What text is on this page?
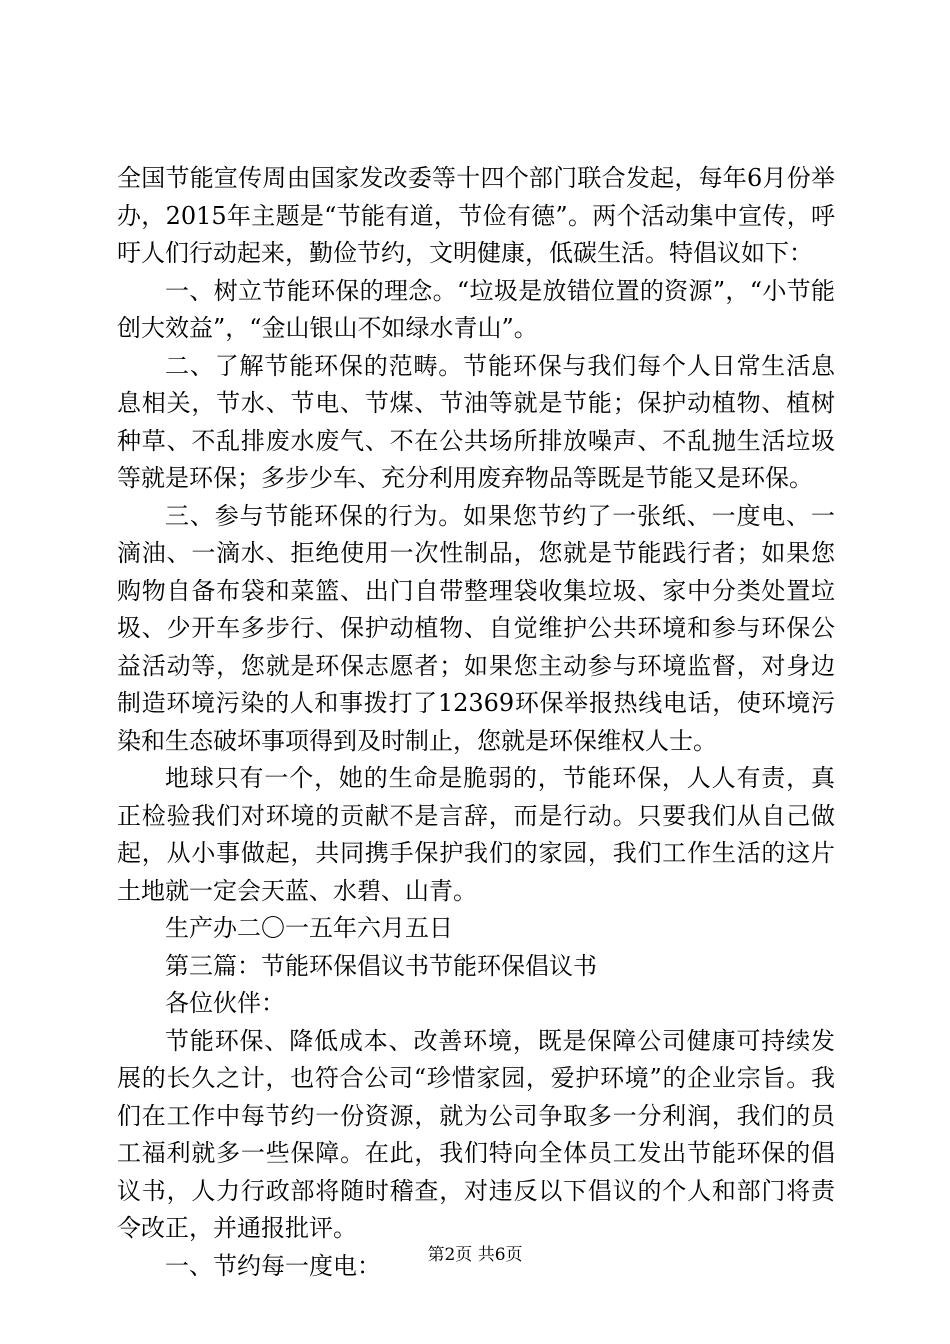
全国节能宣传周由国家发改委等十四个部门联合发起，每年6月份举办，2015年主题是“节能有道，节俭有德”。两个活动集中宣传，呼吁人们行动起来，勤俭节约，文明健康，低碳生活。特倡议如下：

一、树立节能环保的理念。“垃圾是放错位置的资源”，“小节能创大效益”，“金山银山不如绿水青山”。

二、了解节能环保的范畴。节能环保与我们每个人日常生活息息相关，节水、节电、节煤、节油等就是节能；保护动植物、植树种草、不乱排废水废气、不在公共场所排放噪声、不乱抛生活垃圾等就是环保；多步少车、充分利用废弃物品等既是节能又是环保。

三、参与节能环保的行为。如果您节约了一张纸、一度电、一滴油、一滴水、拒绝使用一次性制品，您就是节能践行者；如果您购物自备布袋和菜篮、出门自带整理袋收集垃圾、家中分类处置垃圾、少开车多步行、保护动植物、自觉维护公共环境和参与环保公益活动等，您就是环保志愿者；如果您主动参与环境监督，对身边制造环境污染的人和事拨打了12369环保举报热线电话，使环境污染和生态破坏事项得到及时制止，您就是环保维权人士。

地球只有一个，她的生命是脆弱的，节能环保，人人有责，真正检验我们对环境的贡献不是言辞，而是行动。只要我们从自己做起，从小事做起，共同携手保护我们的家园，我们工作生活的这片土地就一定会天蓝、水碧、山青。

生产办二〇一五年六月五日

第三篇：节能环保倡议书节能环保倡议书

各位伙伴：

节能环保、降低成本、改善环境，既是保障公司健康可持续发展的长久之计，也符合公司“珍惜家园，爱护环境”的企业宗旨。我们在工作中每节约一份资源，就为公司争取多一分利润，我们的员工福利就多一些保障。在此，我们特向全体员工发出节能环保的倡议书，人力行政部将随时稽查，对违反以下倡议的个人和部门将责令改正，并通报批评。

一、节约每一度电：	第2页 共6页
